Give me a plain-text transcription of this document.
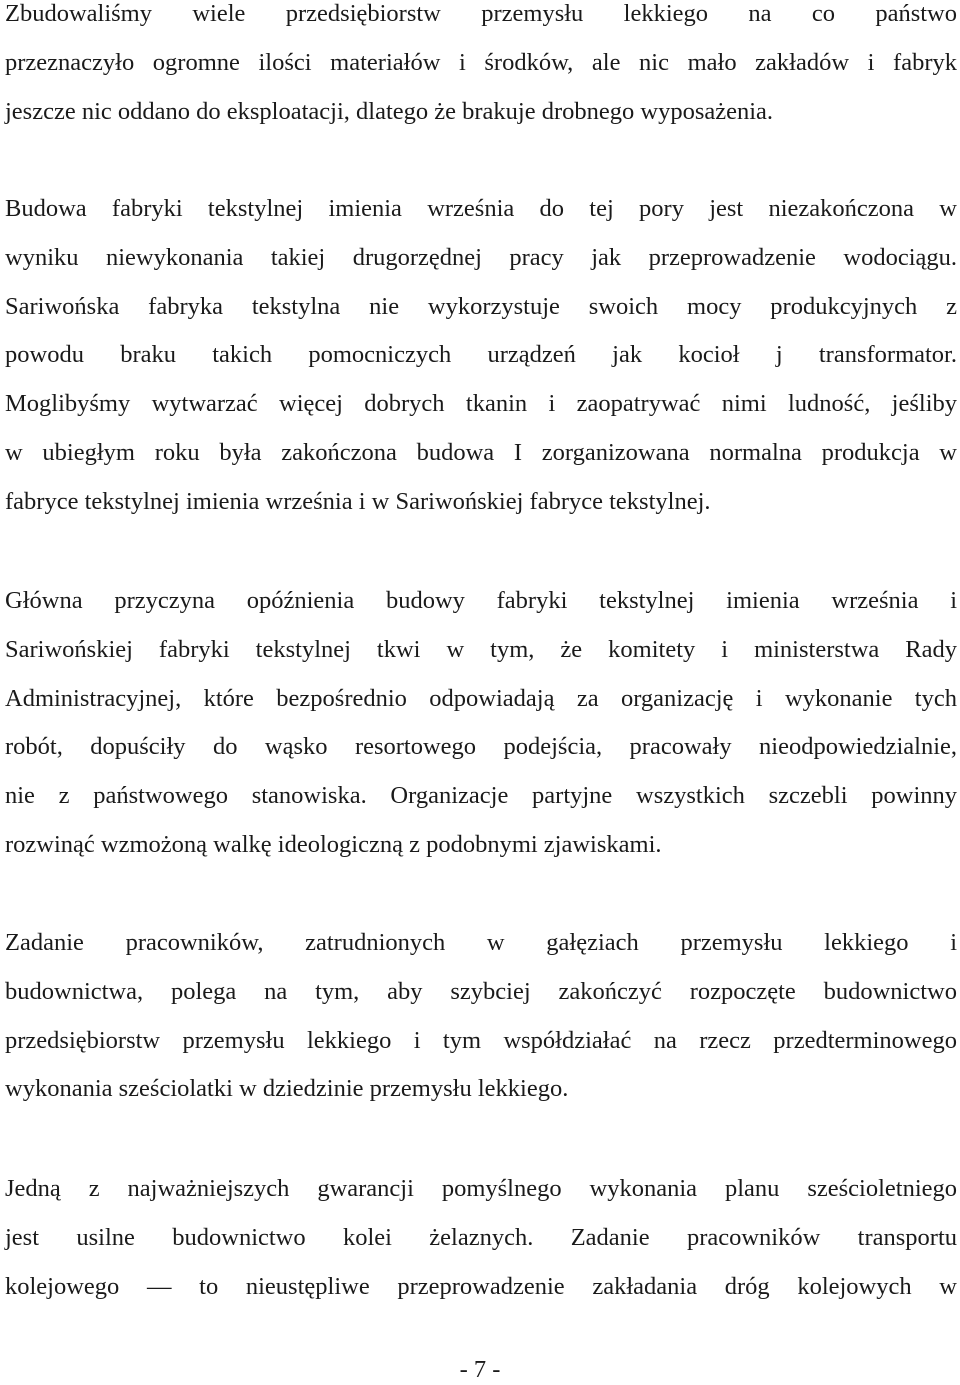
Zbudowaliśmy wiele przedsiębiorstw przemysłu lekkiego na co państwo
przeznaczyło ogromne ilości materiałów i środków, ale nic mało zakładów i fabryk
jeszcze nic oddano do eksploatacji, dlatego że brakuje drobnego wyposażenia.

Budowa fabryki tekstylnej imienia września do tej pory jest niezakończona w
wyniku niewykonania takiej drugorzędnej pracy jak przeprowadzenie wodociągu.
Sariwońska fabryka tekstylna nie wykorzystuje swoich mocy produkcyjnych z
powodu braku takich pomocniczych urządzeń jak kocioł j transformator.
Moglibyśmy wytwarzać więcej dobrych tkanin i zaopatrywać nimi ludność, jeśliby
w ubiegłym roku była zakończona budowa I zorganizowana normalna produkcja w
fabryce tekstylnej imienia września i w Sariwońskiej fabryce tekstylnej.

Główna przyczyna opóźnienia budowy fabryki tekstylnej imienia września i
Sariwońskiej fabryki tekstylnej tkwi w tym, że komitety i ministerstwa Rady
Administracyjnej, które bezpośrednio odpowiadają za organizację i wykonanie tych
robót, dopuściły do wąsko resortowego podejścia, pracowały nieodpowiedzialnie,
nie z państwowego stanowiska. Organizacje partyjne wszystkich szczebli powinny
rozwinąć wzmożoną walkę ideologiczną z podobnymi zjawiskami.

Zadanie pracowników, zatrudnionych w gałęziach przemysłu lekkiego i
budownictwa, polega na tym, aby szybciej zakończyć rozpoczęte budownictwo
przedsiębiorstw przemysłu lekkiego i tym współdziałać na rzecz przedterminowego
wykonania sześciolatki w dziedzinie przemysłu lekkiego.

Jedną z najważniejszych gwarancji pomyślnego wykonania planu sześcioletniego
jest usilne budownictwo kolei żelaznych. Zadanie pracowników transportu
kolejowego — to nieustępliwe przeprowadzenie zakładania dróg kolejowych w

- 7 -
